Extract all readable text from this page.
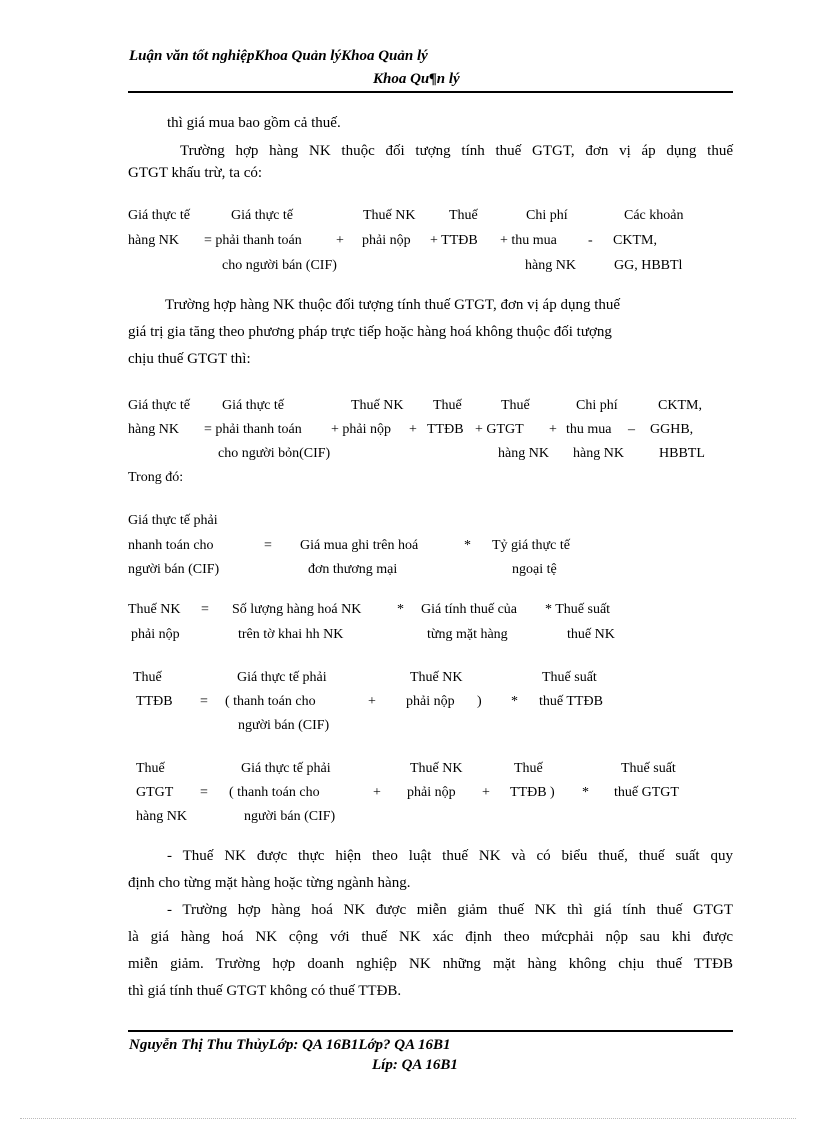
Luận văn tốt nghiệpKhoa Quản lýKhoa Quản lý
Khoa Qu¶n lý
thì giá mua bao gồm cả thuế.
Trường hợp hàng NK thuộc đối tượng tính thuế GTGT, đơn vị áp dụng thuế
GTGT khấu trừ, ta có:
Giá thực tế	Giá thực tế	Thuế NK Thuế	Chi phí	Các khoản
hàng NK = phải thanh toán + phải nộp + TTĐB + thu mua - CKTM,
cho người bán (CIF)	hàng NK	GG, HBBTl
Trường hợp hàng NK thuộc đối tượng tính thuế GTGT, đơn vị áp dụng thuế
giá trị gia tăng theo phương pháp trực tiếp hoặc hàng hoá không thuộc đối tượng
chịu thuế GTGT thì:
Giá thực tế Giá thực tế	Thuế NK Thuế	Thuế	Chi phí	CKTM,
hàng NK = phải thanh toán + phải nộp + TTĐB + GTGT + thu mua – GGHB,
cho người bỏn(CIF)	hàng NK hàng NK	HBBTL
Trong đó:
Giá thực tế phải
nhanh toán cho	= Giá mua ghi trên hoá	* Tỷ giá thực tế
người bán (CIF)	đơn thương mại	ngoại tệ
Thuế NK = Số lượng hàng hoá NK	* Giá tính thuế của * Thuế suất
phải nộp	trên tờ khai hh NK	từng mặt hàng	thuế NK
Thuế	Giá thực tế phải	Thuế NK	Thuế suất
TTĐB = ( thanh toán cho	+ phải nộp ) * thuế TTĐB
người bán (CIF)
Thuế	Giá thực tế phải	Thuế NK	Thuế	Thuế suất
GTGT = ( thanh toán cho	+ phải nộp + TTĐB ) * thuế GTGT
hàng NK	người bán (CIF)
- Thuế NK được thực hiện theo luật thuế NK và có biểu thuế, thuế suất quy
định cho từng mặt hàng hoặc từng ngành hàng.
- Trường hợp hàng hoá NK được miễn giảm thuế NK thì giá tính thuế GTGT
là giá hàng hoá NK cộng với thuế NK xác định theo mứcphải nộp sau khi được
miễn giảm. Trường hợp doanh nghiệp NK những mặt hàng không chịu thuế TTĐB
thì giá tính thuế GTGT không có thuế TTĐB.
Nguyễn Thị Thu ThủyLớp: QA 16B1Lớp? QA 16B1
Líp: QA 16B1
